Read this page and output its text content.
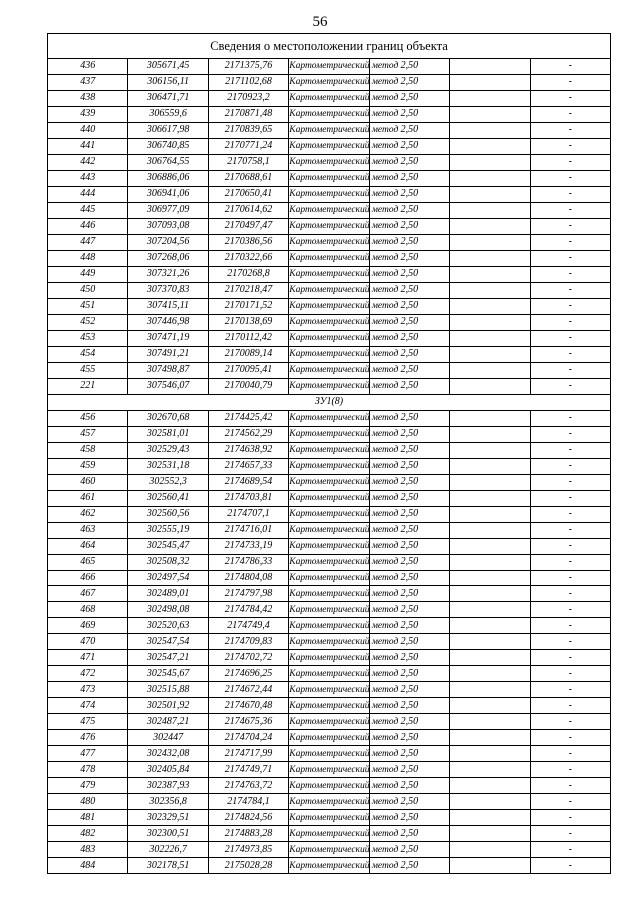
56
Сведения о местоположении границ объекта						
436	305671,45	2171375,76	Картометрический метод	2,50		-
437	306156,11	2171102,68	Картометрический метод	2,50		-
438	306471,71	2170923,2	Картометрический метод	2,50		-
439	306559,6	2170871,48	Картометрический метод	2,50		-
440	306617,98	2170839,65	Картометрический метод	2,50		-
441	306740,85	2170771,24	Картометрический метод	2,50		-
442	306764,55	2170758,1	Картометрический метод	2,50		-
443	306886,06	2170688,61	Картометрический метод	2,50		-
444	306941,06	2170650,41	Картометрический метод	2,50		-
445	306977,09	2170614,62	Картометрический метод	2,50		-
446	307093,08	2170497,47	Картометрический метод	2,50		-
447	307204,56	2170386,56	Картометрический метод	2,50		-
448	307268,06	2170322,66	Картометрический метод	2,50		-
449	307321,26	2170268,8	Картометрический метод	2,50		-
450	307370,83	2170218,47	Картометрический метод	2,50		-
451	307415,11	2170171,52	Картометрический метод	2,50		-
452	307446,98	2170138,69	Картометрический метод	2,50		-
453	307471,19	2170112,42	Картометрический метод	2,50		-
454	307491,21	2170089,14	Картометрический метод	2,50		-
455	307498,87	2170095,41	Картометрический метод	2,50		-
221	307546,07	2170040,79	Картометрический метод	2,50		-
ЗУ1(8)						
456	302670,68	2174425,42	Картометрический метод	2,50		-
457	302581,01	2174562,29	Картометрический метод	2,50		-
458	302529,43	2174638,92	Картометрический метод	2,50		-
459	302531,18	2174657,33	Картометрический метод	2,50		-
460	302552,3	2174689,54	Картометрический метод	2,50		-
461	302560,41	2174703,81	Картометрический метод	2,50		-
462	302560,56	2174707,1	Картометрический метод	2,50		-
463	302555,19	2174716,01	Картометрический метод	2,50		-
464	302545,47	2174733,19	Картометрический метод	2,50		-
465	302508,32	2174786,33	Картометрический метод	2,50		-
466	302497,54	2174804,08	Картометрический метод	2,50		-
467	302489,01	2174797,98	Картометрический метод	2,50		-
468	302498,08	2174784,42	Картометрический метод	2,50		-
469	302520,63	2174749,4	Картометрический метод	2,50		-
470	302547,54	2174709,83	Картометрический метод	2,50		-
471	302547,21	2174702,72	Картометрический метод	2,50		-
472	302545,67	2174696,25	Картометрический метод	2,50		-
473	302515,88	2174672,44	Картометрический метод	2,50		-
474	302501,92	2174670,48	Картометрический метод	2,50		-
475	302487,21	2174675,36	Картометрический метод	2,50		-
476	302447	2174704,24	Картометрический метод	2,50		-
477	302432,08	2174717,99	Картометрический метод	2,50		-
478	302405,84	2174749,71	Картометрический метод	2,50		-
479	302387,93	2174763,72	Картометрический метод	2,50		-
480	302356,8	2174784,1	Картометрический метод	2,50		-
481	302329,51	2174824,56	Картометрический метод	2,50		-
482	302300,51	2174883,28	Картометрический метод	2,50		-
483	302226,7	2174973,85	Картометрический метод	2,50		-
484	302178,51	2175028,28	Картометрический метод	2,50		-
